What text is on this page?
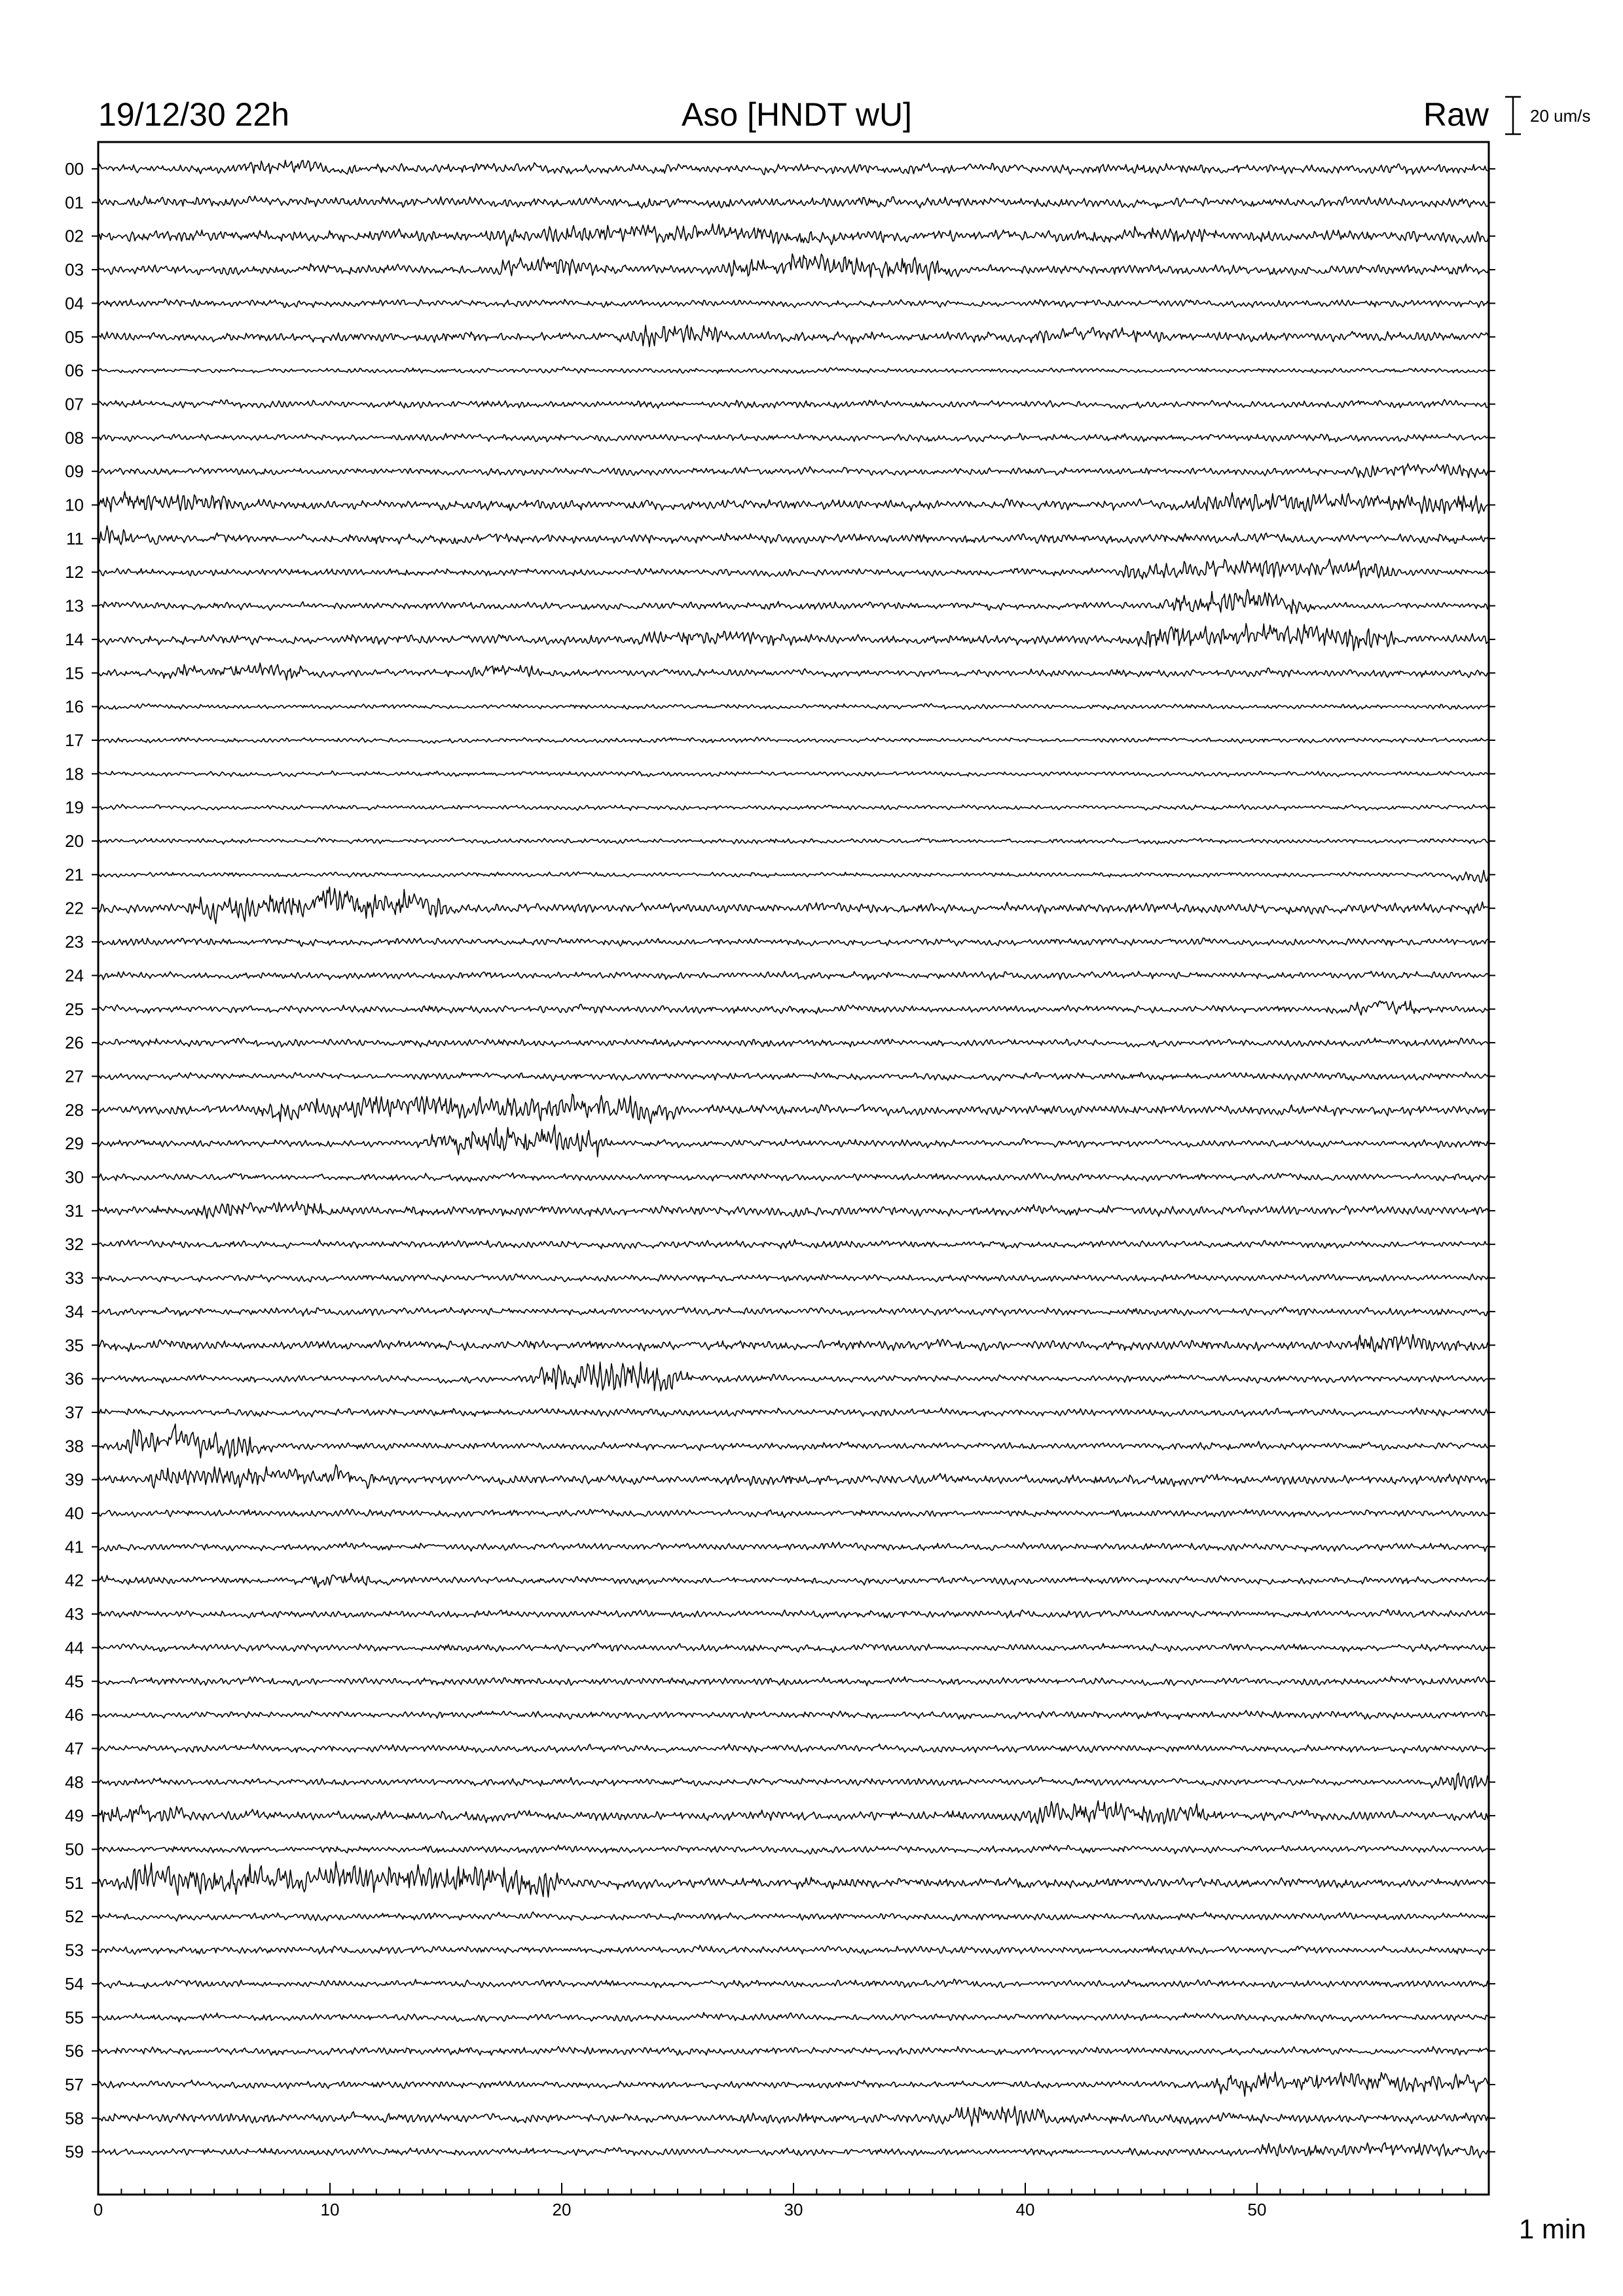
19/12/30 22h	Aso [HNDT wU]	Raw 20 um/s
00
01
02
03
04
05
06
07
08
09
10
11
12
13
14
15
16
17
18
19
20
21
22
23
24
25
26
27
28
29
30
31
32
33
34
35
36
37
38
39
40
41
42
43
44
45
46
47
48
49
50
51
52
53
54
55
56
57
58
59
0	10	20	30	40	50
1 min
